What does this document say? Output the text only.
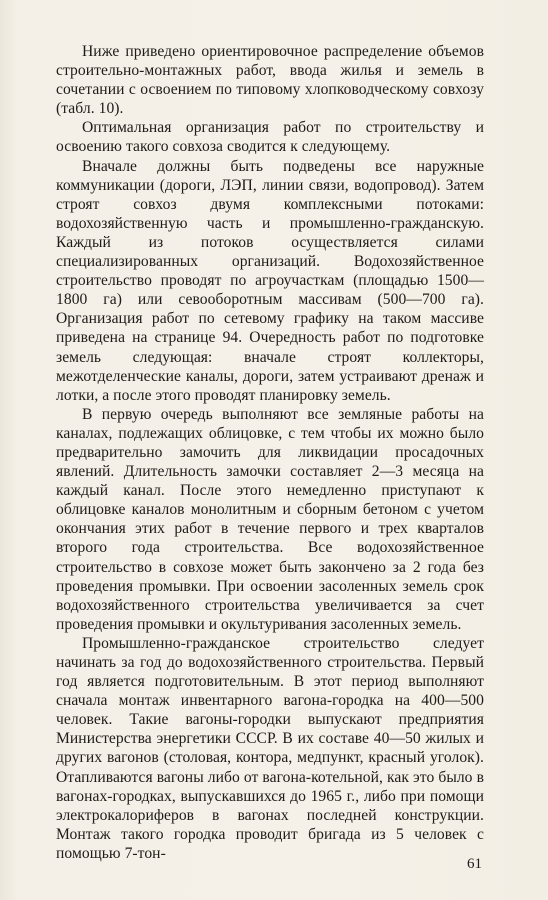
Ниже приведено ориентировочное распределение объемов строительно-монтажных работ, ввода жилья и земель в сочетании с освоением по типовому хлопководческому совхозу (табл. 10).

Оптимальная организация работ по строительству и освоению такого совхоза сводится к следующему.

Вначале должны быть подведены все наружные коммуникации (дороги, ЛЭП, линии связи, водопровод). Затем строят совхоз двумя комплексными потоками: водохозяйственную часть и промышленно-гражданскую. Каждый из потоков осуществляется силами специализированных организаций. Водохозяйственное строительство проводят по агроучасткам (площадью 1500—1800 га) или севооборотным массивам (500—700 га). Организация работ по сетевому графику на таком массиве приведена на странице 94. Очередность работ по подготовке земель следующая: вначале строят коллекторы, межотделенческие каналы, дороги, затем устраивают дренаж и лотки, а после этого проводят планировку земель.

В первую очередь выполняют все земляные работы на каналах, подлежащих облицовке, с тем чтобы их можно было предварительно замочить для ликвидации просадочных явлений. Длительность замочки составляет 2—3 месяца на каждый канал. После этого немедленно приступают к облицовке каналов монолитным и сборным бетоном с учетом окончания этих работ в течение первого и трех кварталов второго года строительства. Все водохозяйственное строительство в совхозе может быть закончено за 2 года без проведения промывки. При освоении засоленных земель срок водохозяйственного строительства увеличивается за счет проведения промывки и окультуривания засоленных земель.

Промышленно-гражданское строительство следует начинать за год до водохозяйственного строительства. Первый год является подготовительным. В этот период выполняют сначала монтаж инвентарного вагона-городка на 400—500 человек. Такие вагоны-городки выпускают предприятия Министерства энергетики СССР. В их составе 40—50 жилых и других вагонов (столовая, контора, медпункт, красный уголок). Отапливаются вагоны либо от вагона-котельной, как это было в вагонах-городках, выпускавшихся до 1965 г., либо при помощи электрокалориферов в вагонах последней конструкции. Монтаж такого городка проводит бригада из 5 человек с помощью 7-тон-

61
